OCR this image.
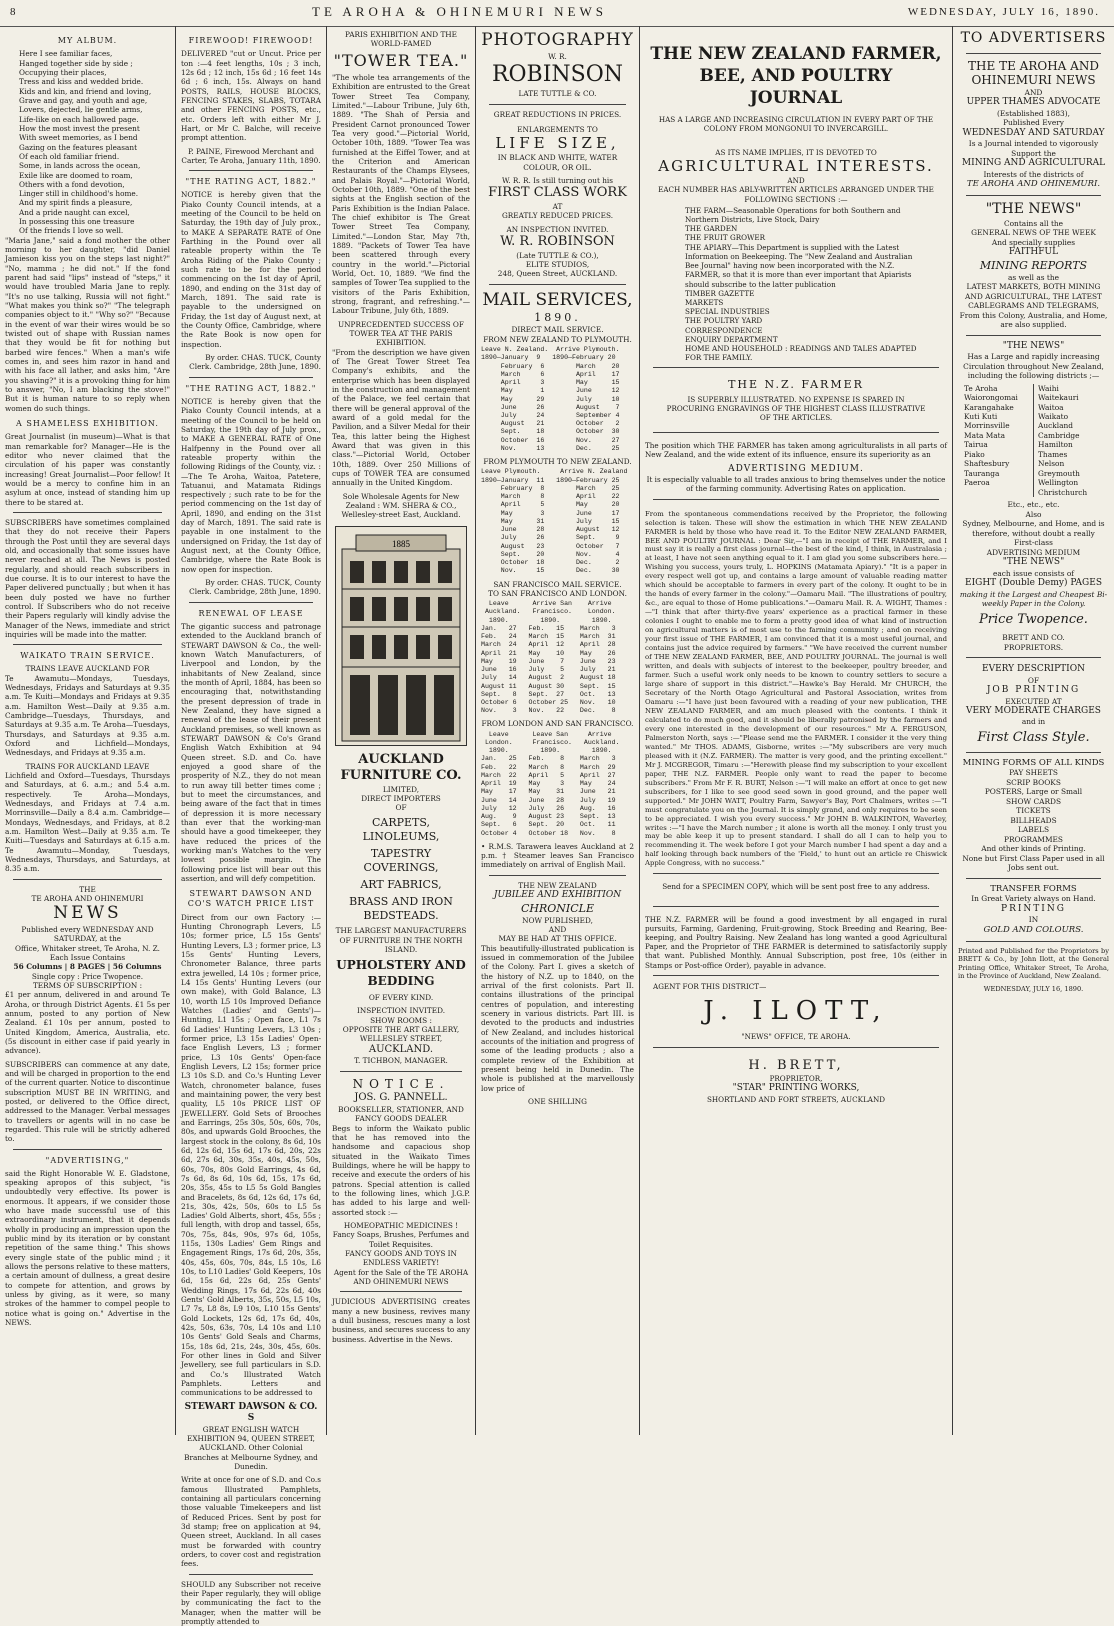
8	TE AROHA & OHINEMURI NEWS	WEDNESDAY, JULY 16, 1890.
MY ALBUM.
Here I see familiar faces,
Hanged together side by side ;
Occupying their places,
Tress and kiss and wedded bride.
Kids and kin, and friend and loving,
Grave and gay, and youth and age,
Lovers, dejected, lie gentle arms,
Life-like on each hallowed page.
How the most invest the present
With sweet memories, as I bend
Gazing on the features pleasant
Of each old familiar friend.
Some, in lands across the ocean,
Exile like are doomed to roam,
Others with a fond devotion,
Linger still in childhood's home.
And my spirit finds a pleasure,
And a pride naught can excel,
In possessing this one treasure
Of the friends I love so well.

"Maria Jane," said a fond mother the other morning to her daughter, "did Daniel Jamieson kiss you on the steps last night?" "No, mamma ; he did not." If the fond parent had said "lips" instead of "steps," it would have troubled Maria Jane to reply. "It's no use talking, Russia will not fight." "What makes you think so?" "The telegraph companies object to it." "Why so?" "Because in the event of war their wires would be so twisted out of shape with Russian names that they would be fit for nothing but barbed wire fences." When a man's wife comes in, and sees him razor in hand and with his face all lather, and asks him, "Are you shaving?" it is a provoking thing for him to answer, "No, I am blacking the stove!" But it is human nature to so reply when women do such things.

A SHAMELESS EXHIBITION.

Great Journalist (in museum)—What is that man remarkable for? Manager—He is the editor who never claimed that the circulation of his paper was constantly increasing! Great Journalist—Poor fellow! It would be a mercy to confine him in an asylum at once, instead of standing him up there to be stared at.

SUBSCRIBERS have sometimes complained that they do not receive their Papers through the Post until they are several days old, and occasionally that some issues have never reached at all. The News is posted regularly, and should reach subscribers in due course. It is to our interest to have the Paper delivered punctually ; but when it has been duly posted we have no further control. If Subscribers who do not receive their Papers regularly will kindly advise the Manager of the News, immediate and strict inquiries will be made into the matter.

WAIKATO TRAIN SERVICE.
TRAINS LEAVE AUCKLAND FOR

Te Awamutu—Mondays, Tuesdays, Wednesdays, Fridays and Saturdays at 9.35 a.m. Te Kuiti—Mondays and Fridays at 9.35 a.m. Hamilton West—Daily at 9.35 a.m. Cambridge—Tuesdays, Thursdays, and Saturdays at 9.35 a.m. Te Aroha—Tuesdays, Thursdays, and Saturdays at 9.35 a.m. Oxford and Lichfield—Mondays, Wednesdays, and Fridays at 9.35 a.m.

TRAINS FOR AUCKLAND LEAVE

Lichfield and Oxford—Tuesdays, Thursdays and Saturdays, at 6. a.m.; and 5.4 a.m. respectively. Te Aroha—Mondays, Wednesdays, and Fridays at 7.4 a.m. Morrinsville—Daily a 8.4 a.m. Cambridge—Mondays, Wednesdays, and Fridays, at 8.2 a.m. Hamilton West—Daily at 9.35 a.m. Te Kuiti—Tuesdays and Saturdays at 6.15 a.m. Te Awamutu—Monday, Tuesdays, Wednesdays, Thursdays, and Saturdays, at 8.35 a.m.

THE
TE AROHA AND OHINEMURI
NEWS
Published every WEDNESDAY AND SATURDAY, at the
Office, Whitaker street, Te Aroha, N. Z. Each Issue Contains
56 Columns | 8 PAGES | 56 Columns
Single copy : Price Twopence.
TERMS OF SUBSCRIPTION :

£1 per annum, delivered in and around Te Aroha, or through District Agents. £1 5s per annum, posted to any portion of New Zealand. £1 10s per annum, posted to United Kingdom, America, Australia, etc. (5s discount in either case if paid yearly in advance).

SUBSCRIBERS can commence at any date, and will be charged in proportion to the end of the current quarter. Notice to discontinue subscription MUST BE IN WRITING, and posted, or delivered to the Office direct, addressed to the Manager. Verbal messages to travellers or agents will in no case be regarded. This rule will be strictly adhered to.

"ADVERTISING,"

said the Right Honorable W. E. Gladstone, speaking apropos of this subject, "is undoubtedly very effective. Its power is enormous. It appears, if we consider those who have made successful use of this extraordinary instrument, that it depends wholly in producing an impression upon the public mind by its iteration or by constant repetition of the same thing." This shows every single state of the public mind ; it allows the persons relative to these matters, a certain amount of dullness, a great desire to compete for attention, and grows by unless by giving, as it were, so many strokes of the hammer to compel people to notice what is going on." Advertise in the NEWS.

FIREWOOD! FIREWOOD!

DELIVERED "cut or Uncut. Price per ton :—4 feet lengths, 10s ; 3 inch, 12s 6d ; 12 inch, 15s 6d ; 16 feet 14s 6d ; 6 inch, 15s. Always on hand POSTS, RAILS, HOUSE BLOCKS, FENCING STAKES, SLABS, TOTARA and other FENCING POSTS, etc., etc. Orders left with either Mr J. Hart, or Mr C. Balche, will receive prompt attention.

P. PAINE, Firewood Merchant and Carter, Te Aroha, January 11th, 1890.

"THE RATING ACT, 1882."

NOTICE is hereby given that the Piako County Council intends, at a meeting of the Council to be held on Saturday, the 19th day of July prox., to MAKE A SEPARATE RATE of One Farthing in the Pound over all rateable property within the Te Aroha Riding of the Piako County ; such rate to be for the period commencing on the 1st day of April, 1890, and ending on the 31st day of March, 1891. The said rate is payable to the undersigned on Friday, the 1st day of August next, at the County Office, Cambridge, where the Rate Book is now open for inspection.

By order. CHAS. TUCK, County Clerk. Cambridge, 28th June, 1890.

"THE RATING ACT, 1882."

NOTICE is hereby given that the Piako County Council intends, at a meeting of the Council to be held on Saturday, the 19th day of July prox., to MAKE A GENERAL RATE of One Halfpenny in the Pound over all rateable property within the following Ridings of the County, viz. :—The Te Aroha, Waitoa, Patetere, Tatuanui, and Matamata Ridings respectively ; such rate to be for the period commencing on the 1st day of April, 1890, and ending on the 31st day of March, 1891. The said rate is payable in one instalment to the undersigned on Friday, the 1st day of August next, at the County Office, Cambridge, where the Rate Book is now open for inspection.

By order. CHAS. TUCK, County Clerk. Cambridge, 28th June, 1890.

RENEWAL OF LEASE

The gigantic success and patronage extended to the Auckland branch of STEWART DAWSON & Co., the well-known Watch Manufacturers, of Liverpool and London, by the inhabitants of New Zealand, since the month of April, 1884, has been so encouraging that, notwithstanding the present depression of trade in New Zealand, they have signed a renewal of the lease of their present Auckland premises, so well known as STEWART DAWSON & Co's Grand English Watch Exhibition at 94 Queen street. S.D. and Co. have enjoyed a good share of the prosperity of N.Z., they do not mean to run away till better times come ; but to meet the circumstances, and being aware of the fact that in times of depression it is more necessary than ever that the working-man should have a good timekeeper, they have reduced the prices of the working man's Watches to the very lowest possible margin. The following price list will bear out this assertion, and will defy competition.

STEWART DAWSON AND CO'S WATCH PRICE LIST

Direct from our own Factory :— Hunting Chronograph Levers, L5 10s; former price, L5 15s Gents' Hunting Levers, L3 ; former price, L3 15s Gents' Hunting Levers, Chronometer Balance, three parts extra jewelled, L4 10s ; former price, L4 15s Gents' Hunting Levers (our own make), with Gold Balance, L3 10, worth L5 10s Improved Defiance Watches (Ladies' and Gents')—Hunting, L1 15s ; Open face, L1 7s 6d Ladies' Hunting Levers, L3 10s ; former price, L3 15s Ladies' Open-face English Levers, L3 ; former price, L3 10s Gents' Open-face English Levers, L2 15s; former price L3 10s S.D. and Co.'s Hunting Lever Watch, chronometer balance, fuses and maintaining power, the very best quality, L5 10s PRICE LIST OF JEWELLERY. Gold Sets of Brooches and Earrings, 25s 30s, 50s, 60s, 70s, 80s, and upwards Gold Brooches, the largest stock in the colony, 8s 6d, 10s 6d, 12s 6d, 15s 6d, 17s 6d, 20s, 22s 6d, 27s 6d, 30s, 35s, 40s, 45s, 50s, 60s, 70s, 80s Gold Earrings, 4s 6d, 7s 6d, 8s 6d, 10s 6d, 15s, 17s 6d, 20s, 35s, 45s to L5 5s Gold Bangles and Bracelets, 8s 6d, 12s 6d, 17s 6d, 21s, 30s, 42s, 50s, 60s to L5 5s Ladies' Gold Alberts, short, 45s, 55s ; full length, with drop and tassel, 65s, 70s, 75s, 84s, 90s, 97s 6d, 105s, 115s, 130s Ladies' Gem Rings and Engagement Rings, 17s 6d, 20s, 35s, 40s, 45s, 60s, 70s, 84s, L5 10s, L6 10s, to L10 Ladies' Gold Keepers, 10s 6d, 15s 6d, 22s 6d, 25s Gents' Wedding Rings, 17s 6d, 22s 6d, 40s Gents' Gold Alberts, 35s, 50s, L5 10s, L7 7s, L8 8s, L9 10s, L10 15s Gents' Gold Lockets, 12s 6d, 17s 6d, 40s, 42s, 50s, 63s, 70s, L4 10s and L10 10s Gents' Gold Seals and Charms, 15s, 18s 6d, 21s, 24s, 30s, 45s, 60s. For other lines in Gold and Silver Jewellery, see full particulars in S.D. and Co.'s Illustrated Watch Pamphlets. Letters and communications to be addressed to

STEWART DAWSON & CO. S

GREAT ENGLISH WATCH EXHIBITION 94, QUEEN STREET, AUCKLAND. Other Colonial Branches at Melbourne Sydney, and Dunedin.

Write at once for one of S.D. and Co.s famous Illustrated Pamphlets, containing all particulars concerning those valuable Timekeepers and list of Reduced Prices. Sent by post for 3d stamp; free on application at 94, Queen street, Auckland. In all cases must be forwarded with country orders, to cover cost and registration fees.

SHOULD any Subscriber not receive their Paper regularly, they will oblige by communicating the fact to the Manager, when the matter will be promptly attended to

PARIS EXHIBITION AND THE WORLD-FAMED
"TOWER TEA."

"The whole tea arrangements of the Exhibition are entrusted to the Great Tower Street Tea Company, Limited."—Labour Tribune, July 6th, 1889. "The Shah of Persia and President Carnot pronounced Tower Tea very good."—Pictorial World, October 10th, 1889. "Tower Tea was furnished at the Eiffel Tower, and at the Criterion and American Restaurants of the Champs Elysees, and Palais Royal."—Pictorial World, October 10th, 1889. "One of the best sights at the English section of the Paris Exhibition is the Indian Palace. The chief exhibitor is The Great Tower Street Tea Company, Limited."—London Star, May 7th, 1889. "Packets of Tower Tea have been scattered through every country in the world."—Pictorial World, Oct. 10, 1889. "We find the samples of Tower Tea supplied to the visitors of the Paris Exhibition, strong, fragrant, and refreshing."—Labour Tribune, July 6th, 1889.

UNPRECEDENTED SUCCESS OF TOWER TEA AT THE PARIS EXHIBITION.

"From the description we have given of The Great Tower Street Tea Company's exhibits, and the enterprise which has been displayed in the construction and management of the Palace, we feel certain that there will be general approval of the award of a gold medal for the Pavilion, and a Silver Medal for their Tea, this latter being the Highest Award that was given in this class."—Pictorial World, October 10th, 1889. Over 250 Millions of cups of TOWER TEA are consumed annually in the United Kingdom.

Sole Wholesale Agents for New Zealand : WM. SHERA & CO., Wellesley-street East, Auckland.

1885
AUCKLAND FURNITURE CO.
LIMITED,
DIRECT IMPORTERS
OF
CARPETS, LINOLEUMS,
TAPESTRY COVERINGS,
ART FABRICS,
BRASS AND IRON BEDSTEADS.
THE LARGEST MANUFACTURERS OF FURNITURE IN THE NORTH ISLAND.
UPHOLSTERY AND BEDDING
OF EVERY KIND.
INSPECTION INVITED.
SHOW ROOMS :
OPPOSITE THE ART GALLERY,
WELLESLEY STREET,
AUCKLAND.
T. TICHBON, MANAGER.
NOTICE.
JOS. G. PANNELL.
BOOKSELLER, STATIONER, AND FANCY GOODS DEALER

Begs to inform the Waikato public that he has removed into the handsome and capacious shop situated in the Waikato Times Buildings, where he will be happy to receive and execute the orders of his patrons. Special attention is called to the following lines, which J.G.P. has added to his large and well-assorted stock :—

HOMEOPATHIC MEDICINES !
Fancy Soaps, Brushes, Perfumes and Toilet Requisites.
FANCY GOODS AND TOYS IN ENDLESS VARIETY!
Agent for the Sale of the TE AROHA AND OHINEMURI NEWS

JUDICIOUS ADVERTISING creates many a new business, revives many a dull business, rescues many a lost business, and secures success to any business. Advertise in the News.

PHOTOGRAPHY
W. R.
ROBINSON
LATE TUTTLE & CO.
GREAT REDUCTIONS IN PRICES.
ENLARGEMENTS TO
LIFE SIZE,
IN BLACK AND WHITE, WATER COLOUR, OR OIL.
W. R. R. Is still turning out his
FIRST CLASS WORK
AT
GREATLY REDUCED PRICES.
AN INSPECTION INVITED.
W. R. ROBINSON
(Late TUTTLE & CO.),
ELITE STUDIOS,
248, Queen Street, AUCKLAND.
MAIL SERVICES,
1890.
DIRECT MAIL SERVICE.
FROM NEW ZEALAND TO PLYMOUTH.
Leave N. Zealand.  Arrive Plymouth.
1890—January  9   1890—February 20
February  6        March    20
March     6        April    17
April     3        May      15
May       1        June     12
May      29        July     10
June     26        August    7
July     24        September 4
August   21        October   2
Sept.    18        October  30
October  16        Nov.     27
Nov.     13        Dec.     25
FROM PLYMOUTH TO NEW ZEALAND.
Leave Plymouth.     Arrive N. Zealand
1890—January  11   1890—February 25
February  8        March    25
March     8        April    22
April     5        May      20
May       3        June     17
May      31        July     15
June     28        August   12
July     26        Sept.     9
August   23        October   7
Sept.    20        Nov.      4
October  18        Dec.      2
Nov.     15        Dec.     30
SAN FRANCISCO MAIL SERVICE.
TO SAN FRANCISCO AND LONDON.
Leave      Arrive San    Arrive
Auckland.   Francisco.    London.
1890.        1890.        1890.
Jan.   27   Feb.   15    March   3
Feb.   24   March  15    March  31
March  24   April  12    April  28
April  21   May    10    May    26
May    19   June    7    June   23
June   16   July    5    July   21
July   14   August  2    August 18
August 11   August 30    Sept.  15
Sept.   8   Sept.  27    Oct.   13
October 6   October 25   Nov.   10
Nov.    3   Nov.   22    Dec.    8
FROM LONDON AND SAN FRANCISCO.
Leave      Leave San     Arrive
London.     Francisco.   Auckland.
1890.        1890.        1890.
Jan.   25   Feb.    8    March   3
Feb.   22   March   8    March  29
March  22   April   5    April  27
April  19   May     3    May    24
May    17   May    31    June   21
June   14   June   28    July   19
July   12   July   26    Aug.   16
Aug.    9   August 23    Sept.  13
Sept.   6   Sept.  20    Oct.   11
October 4   October 18   Nov.    8

• R.M.S. Tarawera leaves Auckland at 2 p.m. † Steamer leaves San Francisco immediately on arrival of English Mail.

THE NEW ZEALAND
JUBILEE AND EXHIBITION
CHRONICLE
NOW PUBLISHED,
AND
MAY BE HAD AT THIS OFFICE.

This beautifully-illustrated publication is issued in commemoration of the Jubilee of the Colony. Part I. gives a sketch of the history of N.Z. up to 1840, on the arrival of the first colonists. Part II. contains illustrations of the principal centres of population, and interesting scenery in various districts. Part III. is devoted to the products and industries of New Zealand, and includes historical accounts of the initiation and progress of some of the leading products ; also a complete review of the Exhibition at present being held in Dunedin. The whole is published at the marvellously low price of

ONE SHILLING
THE NEW ZEALAND FARMER,
BEE, AND POULTRY
JOURNAL
HAS A LARGE AND INCREASING CIRCULATION IN EVERY PART OF THE COLONY FROM MONGONUI TO INVERCARGILL.
AS ITS NAME IMPLIES, IT IS DEVOTED TO
AGRICULTURAL INTERESTS.
AND
EACH NUMBER HAS ABLY-WRITTEN ARTICLES ARRANGED UNDER THE FOLLOWING SECTIONS :—
THE FARM—Seasonable Operations for both Southern and Northern Districts, Live Stock, Dairy
THE GARDEN
THE FRUIT GROWER
THE APIARY—This Department is supplied with the Latest Information on Beekeeping. The "New Zealand and Australian Bee Journal" having now been incorporated with the N.Z. FARMER, so that it is more than ever important that Apiarists should subscribe to the latter publication
TIMBER GAZETTE
MARKETS
SPECIAL INDUSTRIES
THE POULTRY YARD
CORRESPONDENCE
ENQUIRY DEPARTMENT
HOME AND HOUSEHOLD : READINGS AND TALES ADAPTED FOR THE FAMILY.
THE N.Z. FARMER
IS SUPERBLY ILLUSTRATED. NO EXPENSE IS SPARED IN PROCURING ENGRAVINGS OF THE HIGHEST CLASS ILLUSTRATIVE OF THE ARTICLES.

The position which THE FARMER has taken among agriculturalists in all parts of New Zealand, and the wide extent of its influence, ensure its superiority as an

ADVERTISING MEDIUM.

It is especially valuable to all trades anxious to bring themselves under the notice of the farming community. Advertising Rates on application.

From the spontaneous commendations received by the Proprietor, the following selection is taken. These will show the estimation in which THE NEW ZEALAND FARMER is held by those who have read it. To the Editor NEW ZEALAND FARMER, BEE AND POULTRY JOURNAL : Dear Sir,—"I am in receipt of THE FARMER, and I must say it is really a first class journal—the best of the kind, I think, in Australasia ; at least, I have not seen anything equal to it. I am glad you some subscribers here.—Wishing you success, yours truly, L. HOPKINS (Matamata Apiary)." "It is a paper in every respect well got up, and contains a large amount of valuable reading matter which should be acceptable to farmers in every part of the colony. It ought to be in the hands of every farmer in the colony."—Oamaru Mail. "The illustrations of poultry, &c., are equal to those of Home publications."—Oamaru Mail. R. A. WIGHT, Thames :—"I think that after thirty-five years' experience as a practical farmer in these colonies I ought to enable me to form a pretty good idea of what kind of instruction on agricultural matters is of most use to the farming community ; and on receiving your first issue of THE FARMER, I am convinced that it is a most useful journal, and contains just the advice required by farmers." "We have received the current number of THE NEW ZEALAND FARMER, BEE, AND POULTRY JOURNAL. The journal is well written, and deals with subjects of interest to the beekeeper, poultry breeder, and farmer. Such a useful work only needs to be known to country settlers to secure a large share of support in this district."—Hawke's Bay Herald. Mr CHURCH, the Secretary of the North Otago Agricultural and Pastoral Association, writes from Oamaru :—"I have just been favoured with a reading of your new publication, THE NEW ZEALAND FARMER, and am much pleased with the contents. I think it calculated to do much good, and it should be liberally patronised by the farmers and every one interested in the development of our resources." Mr A. FERGUSON, Palmerston North, says :—"Please send me the FARMER. I consider it the very thing wanted." Mr THOS. ADAMS, Gisborne, writes :—"My subscribers are very much pleased with it (N.Z. FARMER). The matter is very good, and the printing excellent." Mr J. MCGREGOR, Timaru :—"Herewith please find my subscription to your excellent paper, THE N.Z. FARMER. People only want to read the paper to become subscribers." From Mr F. R. BURT, Nelson :—"I will make an effort at once to get new subscribers, for I like to see good seed sown in good ground, and the paper well supported." Mr JOHN WATT, Poultry Farm, Sawyer's Bay, Port Chalmers, writes :—"I must congratulate you on the Journal. It is simply grand, and only requires to be seen to be appreciated. I wish you every success." Mr JOHN B. WALKINTON, Waverley, writes :—"I have the March number ; it alone is worth all the money. I only trust you may be able keep it up to present standard. I shall do all I can to help you to recommending it. The week before I got your March number I had spent a day and a half looking through back numbers of the 'Field,' to hunt out an article re Chiswick Apple Congress, with no success."

Send for a SPECIMEN COPY, which will be sent post free to any address.

THE N.Z. FARMER will be found a good investment by all engaged in rural pursuits, Farming, Gardening, Fruit-growing, Stock Breeding and Rearing, Bee-keeping, and Poultry Raising. New Zealand has long wanted a good Agricultural Paper, and the Proprietor of THE FARMER is determined to satisfactorily supply that want. Published Monthly. Annual Subscription, post free, 10s (either in Stamps or Post-office Order), payable in advance.

AGENT FOR THIS DISTRICT—
J. ILOTT,
"NEWS" OFFICE, TE AROHA.
H. BRETT,
PROPRIETOR,
"STAR" PRINTING WORKS,
SHORTLAND AND FORT STREETS, AUCKLAND
TO ADVERTISERS
THE TE AROHA AND OHINEMURI NEWS
AND
UPPER THAMES ADVOCATE
(Established 1883),
Published Every
WEDNESDAY AND SATURDAY
Is a Journal intended to vigorously Support the
MINING AND AGRICULTURAL
Interests of the districts of
TE AROHA AND OHINEMURI.
"THE NEWS"
Contains all the
GENERAL NEWS OF THE WEEK
And specially supplies
FAITHFUL
MINING REPORTS
as well as the
LATEST MARKETS, BOTH MINING AND AGRICULTURAL, THE LATEST CABLEGRAMS AND TELEGRAMS,
From this Colony, Australia, and Home, are also supplied.
"THE NEWS"
Has a Large and rapidly increasing Circulation throughout New Zealand, including the following districts ;—
Te Aroha
Waiorongomai
Karangahake
Kuti Kuti
Morrinsville
Mata Mata
Tairua
Piako
Shaftesbury
Tauranga
Paeroa
Waihi
Waitekauri
Waitoa
Waikato
Auckland
Cambridge
Hamilton
Thames
Nelson
Greymouth
Wellington
Christchurch
Etc., etc., etc.
Also
Sydney, Melbourne, and Home, and is therefore, without doubt a really
First-class
ADVERTISING MEDIUM
"THE NEWS"
each issue consists of
EIGHT (Double Demy) PAGES
making it the Largest and Cheapest Bi-weekly Paper in the Colony.
Price Twopence.
BRETT AND CO.
PROPRIETORS.
EVERY DESCRIPTION
OF
JOB PRINTING
EXECUTED AT
VERY MODERATE CHARGES
and in
First Class Style.
MINING FORMS OF ALL KINDS
PAY SHEETS
SCRIP BOOKS
POSTERS, Large or Small
SHOW CARDS
TICKETS
BILLHEADS
LABELS
PROGRAMMES
And other kinds of Printing.
None but First Class Paper used in all Jobs sent out.
TRANSFER FORMS
In Great Variety always on Hand.
PRINTING
IN
GOLD AND COLOURS.

Printed and Published for the Proprietors by BRETT & Co., by John Ilott, at the General Printing Office, Whitaker Street, Te Aroha, in the Province of Auckland, New Zealand.

WEDNESDAY, JULY 16, 1890.
